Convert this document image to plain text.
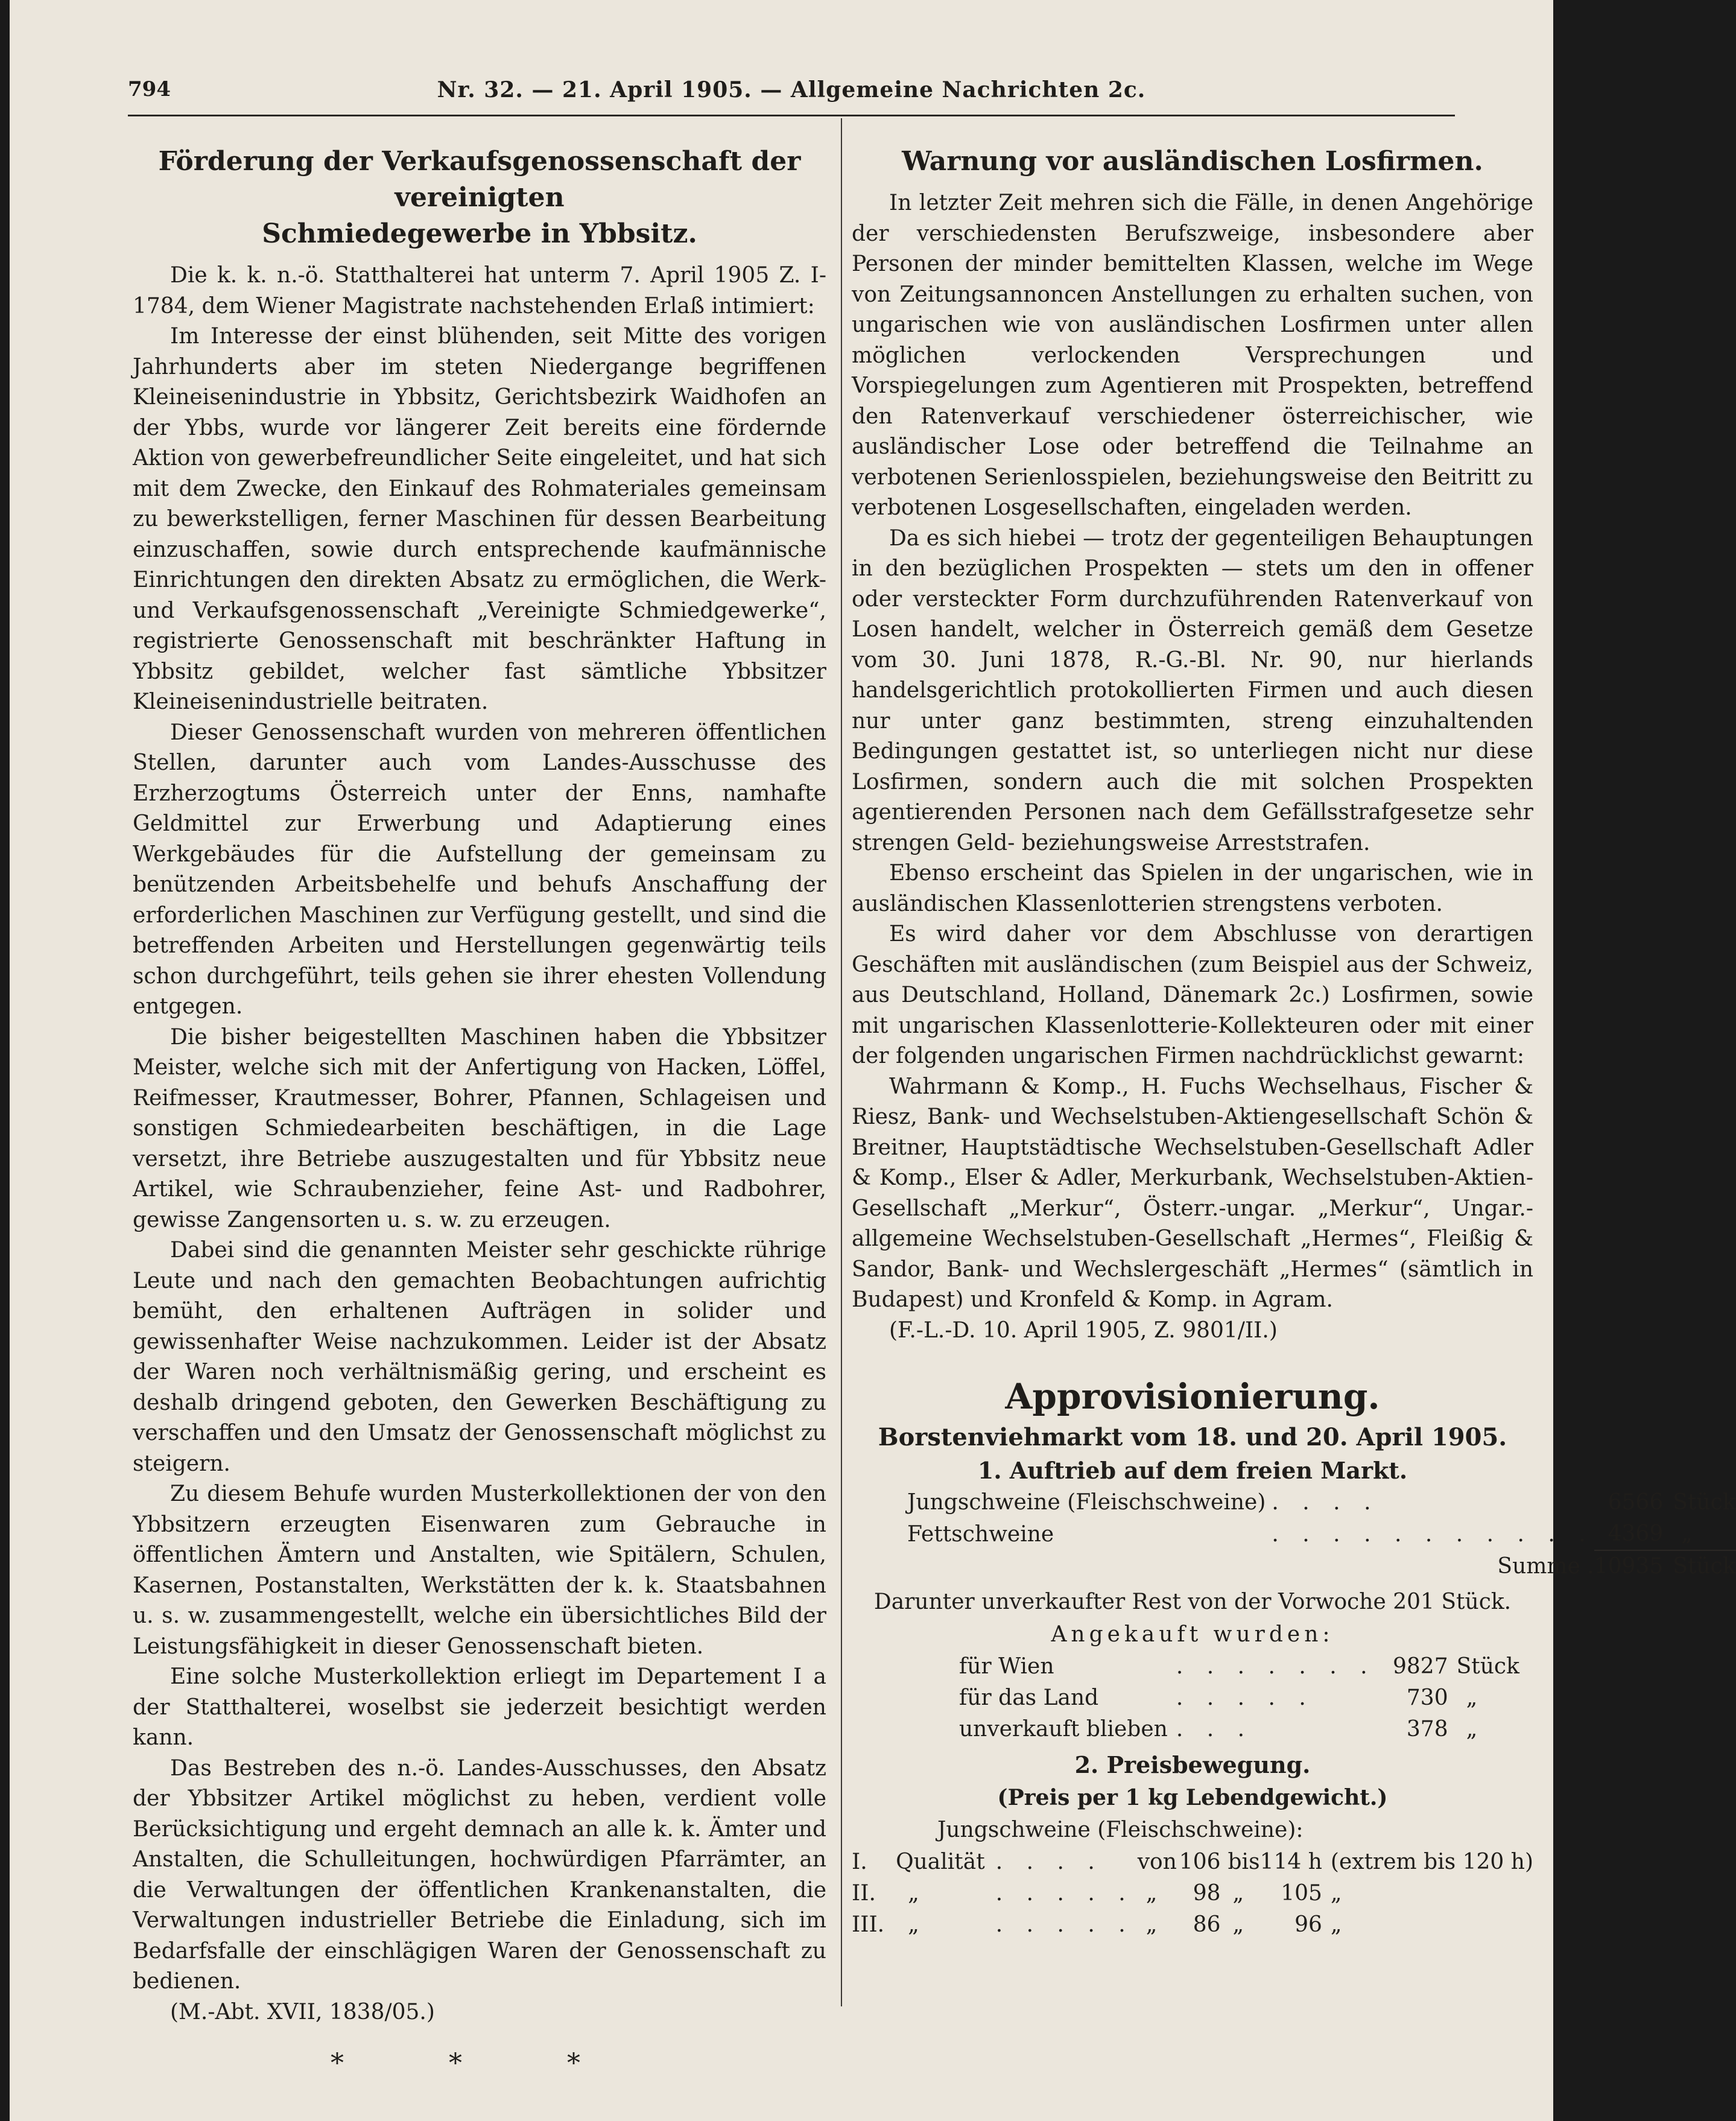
Nr. 32. — 21. April 1905. — Allgemeine Nachrichten 2c.
794
Förderung der Verkaufsgenossenschaft der vereinigten
Schmiedegewerbe in Ybbsitz.

Die k. k. n.-ö. Statthalterei hat unterm 7. April 1905 Z. I-1784, dem Wiener Magistrate nachstehenden Erlaß intimiert:

Im Interesse der einst blühenden, seit Mitte des vorigen Jahrhunderts aber im steten Niedergange begriffenen Kleineisenindustrie in Ybbsitz, Gerichtsbezirk Waidhofen an der Ybbs, wurde vor längerer Zeit bereits eine fördernde Aktion von gewerbefreundlicher Seite eingeleitet, und hat sich mit dem Zwecke, den Einkauf des Rohmateriales gemeinsam zu bewerkstelligen, ferner Maschinen für dessen Bearbeitung einzuschaffen, sowie durch entsprechende kaufmännische Einrichtungen den direkten Absatz zu ermöglichen, die Werk- und Verkaufsgenossenschaft „Vereinigte Schmiedgewerke“, registrierte Genossenschaft mit beschränkter Haftung in Ybbsitz gebildet, welcher fast sämtliche Ybbsitzer Kleineisenindustrielle beitraten.

Dieser Genossenschaft wurden von mehreren öffentlichen Stellen, darunter auch vom Landes-Ausschusse des Erzherzogtums Österreich unter der Enns, namhafte Geldmittel zur Erwerbung und Adaptierung eines Werkgebäudes für die Aufstellung der gemeinsam zu benützenden Arbeitsbehelfe und behufs Anschaffung der erforderlichen Maschinen zur Verfügung gestellt, und sind die betreffenden Arbeiten und Herstellungen gegenwärtig teils schon durchgeführt, teils gehen sie ihrer ehesten Vollendung entgegen.

Die bisher beigestellten Maschinen haben die Ybbsitzer Meister, welche sich mit der Anfertigung von Hacken, Löffel, Reifmesser, Krautmesser, Bohrer, Pfannen, Schlageisen und sonstigen Schmiedearbeiten beschäftigen, in die Lage versetzt, ihre Betriebe auszugestalten und für Ybbsitz neue Artikel, wie Schraubenzieher, feine Ast- und Radbohrer, gewisse Zangensorten u. s. w. zu erzeugen.

Dabei sind die genannten Meister sehr geschickte rührige Leute und nach den gemachten Beobachtungen aufrichtig bemüht, den erhaltenen Aufträgen in solider und gewissenhafter Weise nachzukommen. Leider ist der Absatz der Waren noch verhältnismäßig gering, und erscheint es deshalb dringend geboten, den Gewerken Beschäftigung zu verschaffen und den Umsatz der Genossenschaft möglichst zu steigern.

Zu diesem Behufe wurden Musterkollektionen der von den Ybbsitzern erzeugten Eisenwaren zum Gebrauche in öffentlichen Ämtern und Anstalten, wie Spitälern, Schulen, Kasernen, Postanstalten, Werkstätten der k. k. Staatsbahnen u. s. w. zusammengestellt, welche ein übersichtliches Bild der Leistungsfähigkeit in dieser Genossenschaft bieten.

Eine solche Musterkollektion erliegt im Departement I a der Statthalterei, woselbst sie jederzeit besichtigt werden kann.

Das Bestreben des n.-ö. Landes-Ausschusses, den Absatz der Ybbsitzer Artikel möglichst zu heben, verdient volle Berücksichtigung und ergeht demnach an alle k. k. Ämter und Anstalten, die Schulleitungen, hochwürdigen Pfarrämter, an die Verwaltungen der öffentlichen Krankenanstalten, die Verwaltungen industrieller Betriebe die Einladung, sich im Bedarfsfalle der einschlägigen Waren der Genossenschaft zu bedienen.

(M.-Abt. XVII, 1838/05.)

* * *
Warnung vor ausländischen Losfirmen.

In letzter Zeit mehren sich die Fälle, in denen Angehörige der verschiedensten Berufszweige, insbesondere aber Personen der minder bemittelten Klassen, welche im Wege von Zeitungsannoncen Anstellungen zu erhalten suchen, von ungarischen wie von ausländischen Losfirmen unter allen möglichen verlockenden Versprechungen und Vorspiegelungen zum Agentieren mit Prospekten, betreffend den Ratenverkauf verschiedener österreichischer, wie ausländischer Lose oder betreffend die Teilnahme an verbotenen Serienlosspielen, beziehungsweise den Beitritt zu verbotenen Losgesellschaften, eingeladen werden.

Da es sich hiebei — trotz der gegenteiligen Behauptungen in den bezüglichen Prospekten — stets um den in offener oder versteckter Form durchzuführenden Ratenverkauf von Losen handelt, welcher in Österreich gemäß dem Gesetze vom 30. Juni 1878, R.-G.-Bl. Nr. 90, nur hierlands handelsgerichtlich protokollierten Firmen und auch diesen nur unter ganz bestimmten, streng einzuhaltenden Bedingungen gestattet ist, so unterliegen nicht nur diese Losfirmen, sondern auch die mit solchen Prospekten agentierenden Personen nach dem Gefällsstrafgesetze sehr strengen Geld- beziehungsweise Arreststrafen.

Ebenso erscheint das Spielen in der ungarischen, wie in ausländischen Klassenlotterien strengstens verboten.

Es wird daher vor dem Abschlusse von derartigen Geschäften mit ausländischen (zum Beispiel aus der Schweiz, aus Deutschland, Holland, Dänemark 2c.) Losfirmen, sowie mit ungarischen Klassenlotterie-Kollekteuren oder mit einer der folgenden ungarischen Firmen nachdrücklichst gewarnt:

Wahrmann & Komp., H. Fuchs Wechselhaus, Fischer & Riesz, Bank- und Wechselstuben-Aktiengesellschaft Schön & Breitner, Hauptstädtische Wechselstuben-Gesellschaft Adler & Komp., Elser & Adler, Merkurbank, Wechselstuben-Aktien-Gesellschaft „Merkur“, Österr.-ungar. „Merkur“, Ungar.-allgemeine Wechselstuben-Gesellschaft „Hermes“, Fleißig & Sandor, Bank- und Wechslergeschäft „Hermes“ (sämtlich in Budapest) und Kronfeld & Komp. in Agram.

(F.-L.-D. 10. April 1905, Z. 9801/II.)

Approvisionierung.
Borstenviehmarkt vom 18. und 20. April 1905.
1. Auftrieb auf dem freien Markt.
Jungschweine (Fleischschweine)	. . . .	6566	Stück
Fettschweine	. . . . . . . . . . .	4369	„
	Summe .	10935	Stück
Darunter unverkaufter Rest von der Vorwoche 201 Stück.
Angekauft wurden:
für Wien	. . . . . . .	9827	Stück
für das Land	. . . . .	730	„
unverkauft blieben	. . .	378	„
2. Preisbewegung.
(Preis per 1 kg Lebendgewicht.)
Jungschweine (Fleischschweine):
I.	Qualität	. . . .	von	106	bis	114 h	(extrem bis 120 h)
II.	„	. . . . .	„	98	„	105	„
III.	„	. . . . .	„	86	„	96	„
